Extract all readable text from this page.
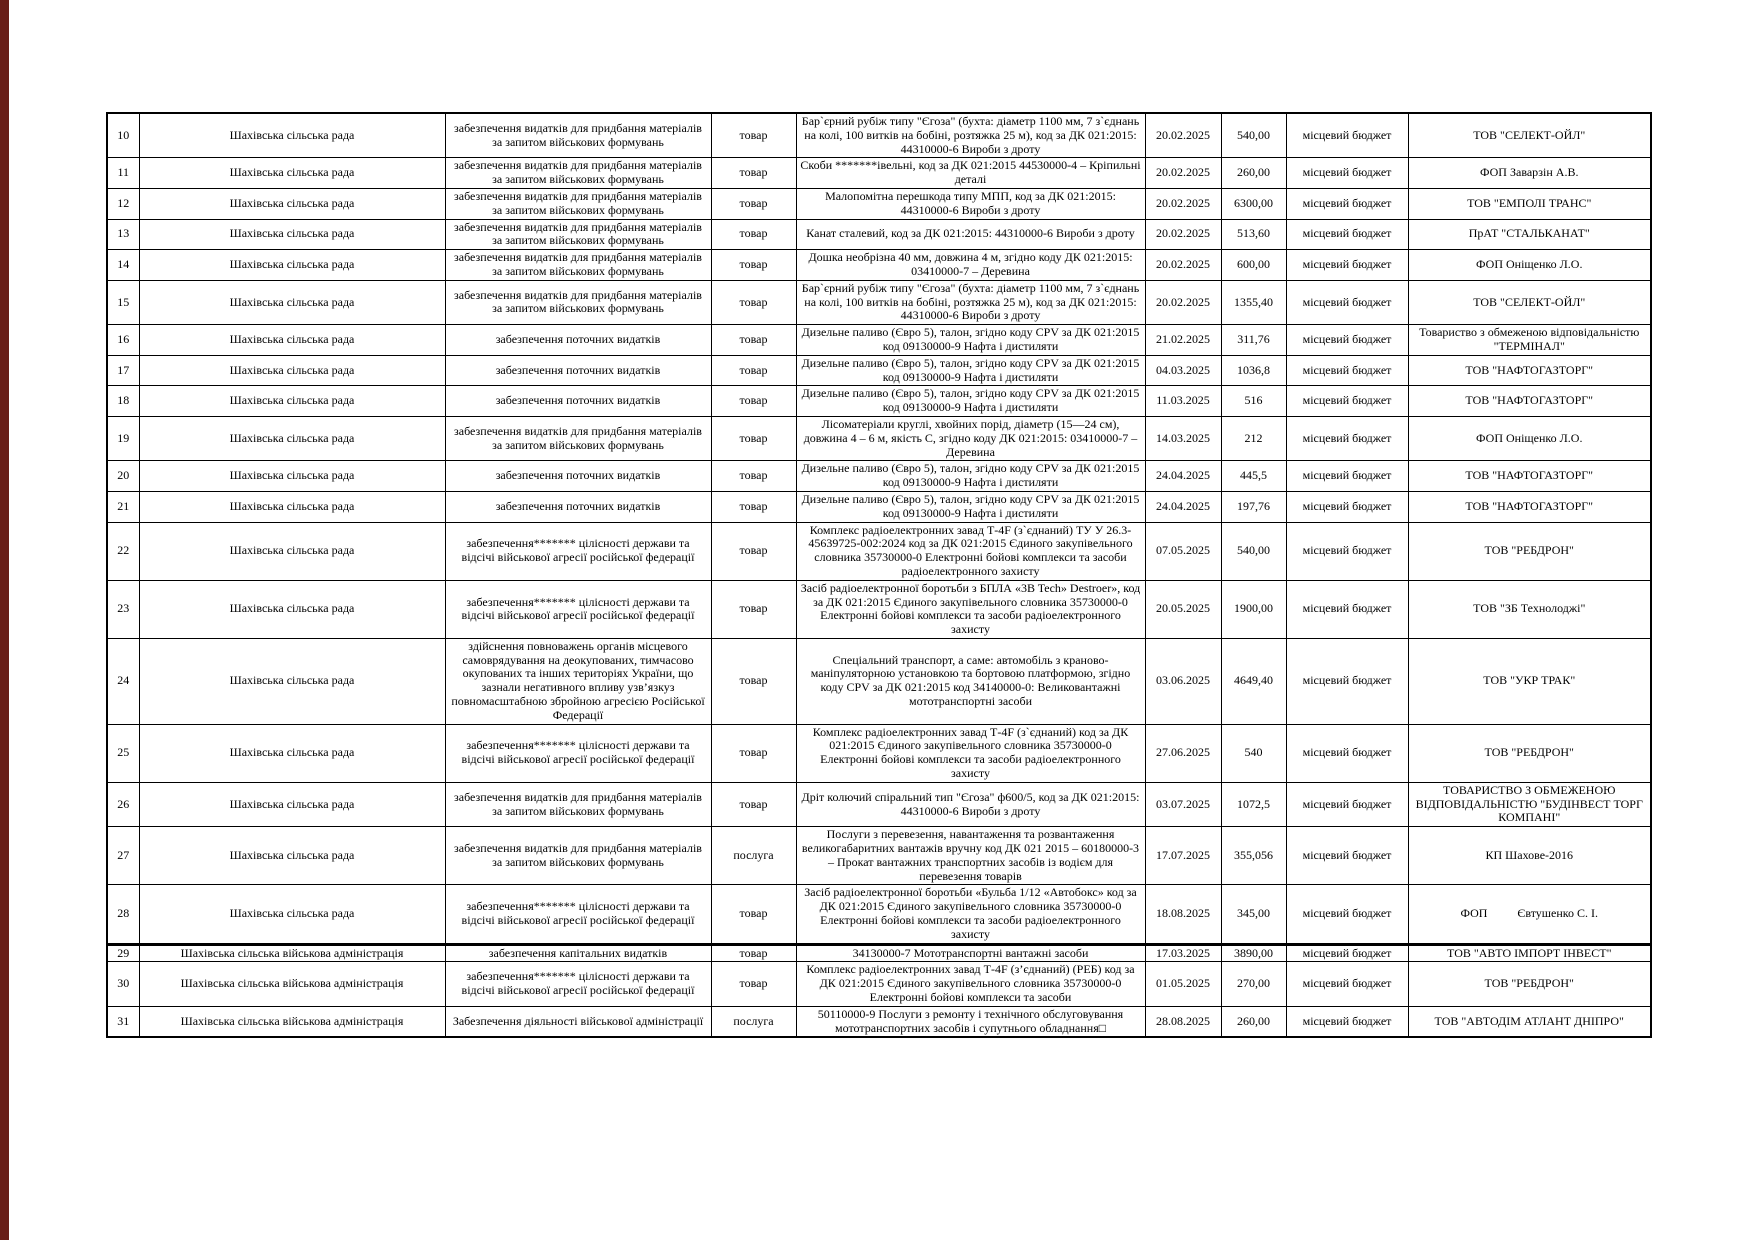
10	Шахівська сільська рада	забезпечення видатків для придбання матеріалів за запитом військових формувань	товар	Бар`єрний рубіж типу "Єгоза" (бухта: діаметр 1100 мм, 7 з`єднань на колі, 100 витків на бобіні, розтяжка 25 м), код за ДК 021:2015: 44310000-6 Вироби з дроту	20.02.2025	540,00	місцевий бюджет	ТОВ "СЕЛЕКТ-ОЙЛ"
11	Шахівська сільська рада	забезпечення видатків для придбання матеріалів за запитом військових формувань	товар	Скоби *******івельні, код за ДК 021:2015 44530000-4 – Кріпильні деталі	20.02.2025	260,00	місцевий бюджет	ФОП Заварзін А.В.
12	Шахівська сільська рада	забезпечення видатків для придбання матеріалів за запитом військових формувань	товар	Малопомітна перешкода типу МПП, код за ДК 021:2015: 44310000-6 Вироби з дроту	20.02.2025	6300,00	місцевий бюджет	ТОВ "ЕМПОЛІ ТРАНС"
13	Шахівська сільська рада	забезпечення видатків для придбання матеріалів за запитом військових формувань	товар	Канат сталевий, код за ДК 021:2015: 44310000-6 Вироби з дроту	20.02.2025	513,60	місцевий бюджет	ПрАТ "СТАЛЬКАНАТ"
14	Шахівська сільська рада	забезпечення видатків для придбання матеріалів за запитом військових формувань	товар	Дошка необрізна 40 мм, довжина 4 м, згідно коду ДК 021:2015: 03410000-7 – Деревина	20.02.2025	600,00	місцевий бюджет	ФОП Оніщенко Л.О.
15	Шахівська сільська рада	забезпечення видатків для придбання матеріалів за запитом військових формувань	товар	Бар`єрний рубіж типу "Єгоза" (бухта: діаметр 1100 мм, 7 з`єднань на колі, 100 витків на бобіні, розтяжка 25 м), код за ДК 021:2015: 44310000-6 Вироби з дроту	20.02.2025	1355,40	місцевий бюджет	ТОВ "СЕЛЕКТ-ОЙЛ"
16	Шахівська сільська рада	забезпечення поточних видатків	товар	Дизельне паливо (Євро 5), талон, згідно коду CPV за ДК 021:2015 код 09130000-9 Нафта і дистиляти	21.02.2025	311,76	місцевий бюджет	Товариство з обмеженою відповідальністю "ТЕРМІНАЛ"
17	Шахівська сільська рада	забезпечення поточних видатків	товар	Дизельне паливо (Євро 5), талон, згідно коду CPV за ДК 021:2015 код 09130000-9 Нафта і дистиляти	04.03.2025	1036,8	місцевий бюджет	ТОВ "НАФТОГАЗТОРГ"
18	Шахівська сільська рада	забезпечення поточних видатків	товар	Дизельне паливо (Євро 5), талон, згідно коду CPV за ДК 021:2015 код 09130000-9 Нафта і дистиляти	11.03.2025	516	місцевий бюджет	ТОВ "НАФТОГАЗТОРГ"
19	Шахівська сільська рада	забезпечення видатків для придбання матеріалів за запитом військових формувань	товар	Лісоматеріали круглі, хвойних порід, діаметр (15—24 см), довжина 4 – 6 м, якість С, згідно коду ДК 021:2015: 03410000-7 – Деревина	14.03.2025	212	місцевий бюджет	ФОП Оніщенко Л.О.
20	Шахівська сільська рада	забезпечення поточних видатків	товар	Дизельне паливо (Євро 5), талон, згідно коду CPV за ДК 021:2015 код 09130000-9 Нафта і дистиляти	24.04.2025	445,5	місцевий бюджет	ТОВ "НАФТОГАЗТОРГ"
21	Шахівська сільська рада	забезпечення поточних видатків	товар	Дизельне паливо (Євро 5), талон, згідно коду CPV за ДК 021:2015 код 09130000-9 Нафта і дистиляти	24.04.2025	197,76	місцевий бюджет	ТОВ "НАФТОГАЗТОРГ"
22	Шахівська сільська рада	забезпечення******* цілісності держави та відсічі військової агресії російської федерації	товар	Комплекс радіоелектронних завад Т-4F (з`єднаний) ТУ У 26.3-45639725-002:2024 код за ДК 021:2015 Єдиного закупівельного словника 35730000-0 Електронні бойові комплекси та засоби радіоелектронного захисту	07.05.2025	540,00	місцевий бюджет	ТОВ "РЕБДРОН"
23	Шахівська сільська рада	забезпечення******* цілісності держави та відсічі військової агресії російської федерації	товар	Засіб радіоелектронної боротьби з БПЛА «3B Tech» Destroer», код за ДК 021:2015 Єдиного закупівельного словника 35730000-0 Електронні бойові комплекси та засоби радіоелектронного захисту	20.05.2025	1900,00	місцевий бюджет	ТОВ "ЗБ Технолоджі"
24	Шахівська сільська рада	здійснення повноважень органів місцевого самоврядування на деокупованих, тимчасово окупованих та інших територіях України, що зазнали негативного впливу узв’язкуз повномасштабною збройною агресією Російської Федерації	товар	Спеціальний транспорт, а саме: автомобіль з краново-маніпуляторною установкою та бортовою платформою, згідно коду CPV за ДК 021:2015 код 34140000-0: Великовантажні мототранспортні засоби	03.06.2025	4649,40	місцевий бюджет	ТОВ "УКР ТРАК"
25	Шахівська сільська рада	забезпечення******* цілісності держави та відсічі військової агресії російської федерації	товар	Комплекс радіоелектронних завад Т-4F (з`єднаний) код за ДК 021:2015 Єдиного закупівельного словника 35730000-0 Електронні бойові комплекси та засоби радіоелектронного захисту	27.06.2025	540	місцевий бюджет	ТОВ "РЕБДРОН"
26	Шахівська сільська рада	забезпечення видатків для придбання матеріалів за запитом військових формувань	товар	Дріт колючий спіральний тип "Єгоза" ф600/5, код за ДК 021:2015: 44310000-6 Вироби з дроту	03.07.2025	1072,5	місцевий бюджет	ТОВАРИСТВО З ОБМЕЖЕНОЮ ВІДПОВІДАЛЬНІСТЮ "БУДІНВЕСТ ТОРГ КОМПАНІ"
27	Шахівська сільська рада	забезпечення видатків для придбання матеріалів за запитом військових формувань	послуга	Послуги з перевезення, навантаження та розвантаження великогабаритних вантажів вручну код ДК 021 2015 – 60180000-3 – Прокат вантажних транспортних засобів із водієм для перевезення товарів	17.07.2025	355,056	місцевий бюджет	КП Шахове-2016
28	Шахівська сільська рада	забезпечення******* цілісності держави та відсічі військової агресії російської федерації	товар	Засіб радіоелектронної боротьби «Бульба 1/12 «Автобокс» код за ДК 021:2015 Єдиного закупівельного словника 35730000-0 Електронні бойові комплекси та засоби радіоелектронного захисту	18.08.2025	345,00	місцевий бюджет	ФОП          Євтушенко С. І.
29	Шахівська сільська військова адміністрація	забезпечення капітальних видатків	товар	34130000-7 Мототранспортні вантажні засоби	17.03.2025	3890,00	місцевий бюджет	ТОВ "АВТО ІМПОРТ ІНВЕСТ"
30	Шахівська сільська військова адміністрація	забезпечення******* цілісності держави та відсічі військової агресії російської федерації	товар	Комплекс радіоелектронних завад Т-4F (з’єднаний) (РЕБ) код за ДК 021:2015 Єдиного закупівельного словника 35730000-0 Електронні бойові комплекси та засоби	01.05.2025	270,00	місцевий бюджет	ТОВ "РЕБДРОН"
31	Шахівська сільська військова адміністрація	Забезпечення діяльності військової адміністрації	послуга	50110000-9 Послуги з ремонту і технічного обслуговування мототранспортних засобів і супутнього обладнання□	28.08.2025	260,00	місцевий бюджет	ТОВ "АВТОДІМ АТЛАНТ ДНІПРО"
